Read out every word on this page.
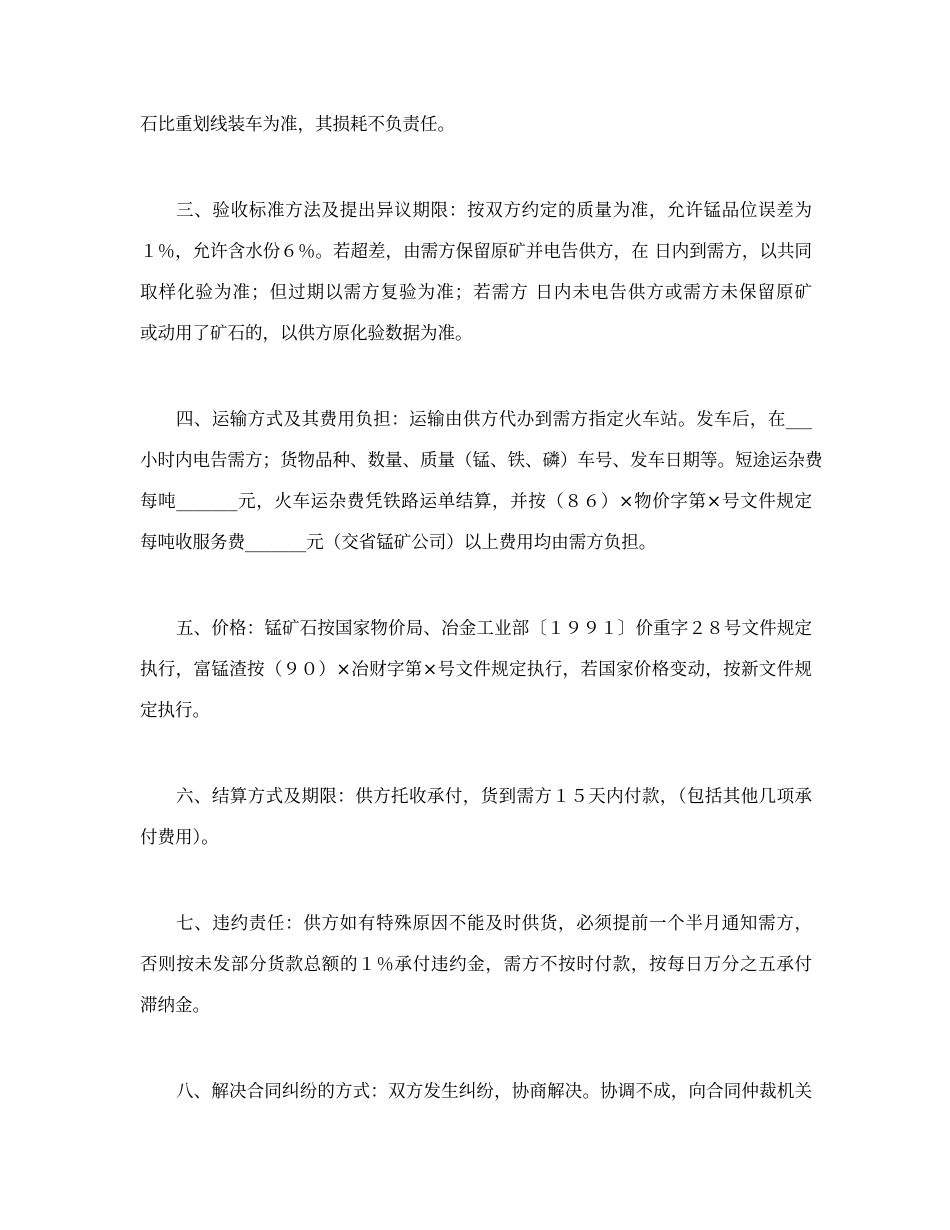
石比重划线装车为准，其损耗不负责任。
三、验收标准方法及提出异议期限：按双方约定的质量为准，允许锰品位误差为
１％，允许含水份６％。若超差，由需方保留原矿并电告供方，在 日内到需方，以共同
取样化验为准；但过期以需方复验为准；若需方 日内未电告供方或需方未保留原矿
或动用了矿石的，以供方原化验数据为准。
四、运输方式及其费用负担：运输由供方代办到需方指定火车站。发车后，在___
小时内电告需方；货物品种、数量、质量（锰、铁、磷）车号、发车日期等。短途运杂费
每吨_______元，火车运杂费凭铁路运单结算，并按（８６）×物价字第×号文件规定
每吨收服务费_______元（交省锰矿公司）以上费用均由需方负担。
五、价格：锰矿石按国家物价局、冶金工业部〔１９９１〕价重字２８号文件规定
执行，富锰渣按（９０）×冶财字第×号文件规定执行，若国家价格变动，按新文件规
定执行。
六、结算方式及期限：供方托收承付，货到需方１５天内付款，（包括其他几项承
付费用）。
七、违约责任：供方如有特殊原因不能及时供货，必须提前一个半月通知需方，
否则按未发部分货款总额的１％承付违约金，需方不按时付款，按每日万分之五承付
滞纳金。
八、解决合同纠纷的方式：双方发生纠纷，协商解决。协调不成，向合同仲裁机关
